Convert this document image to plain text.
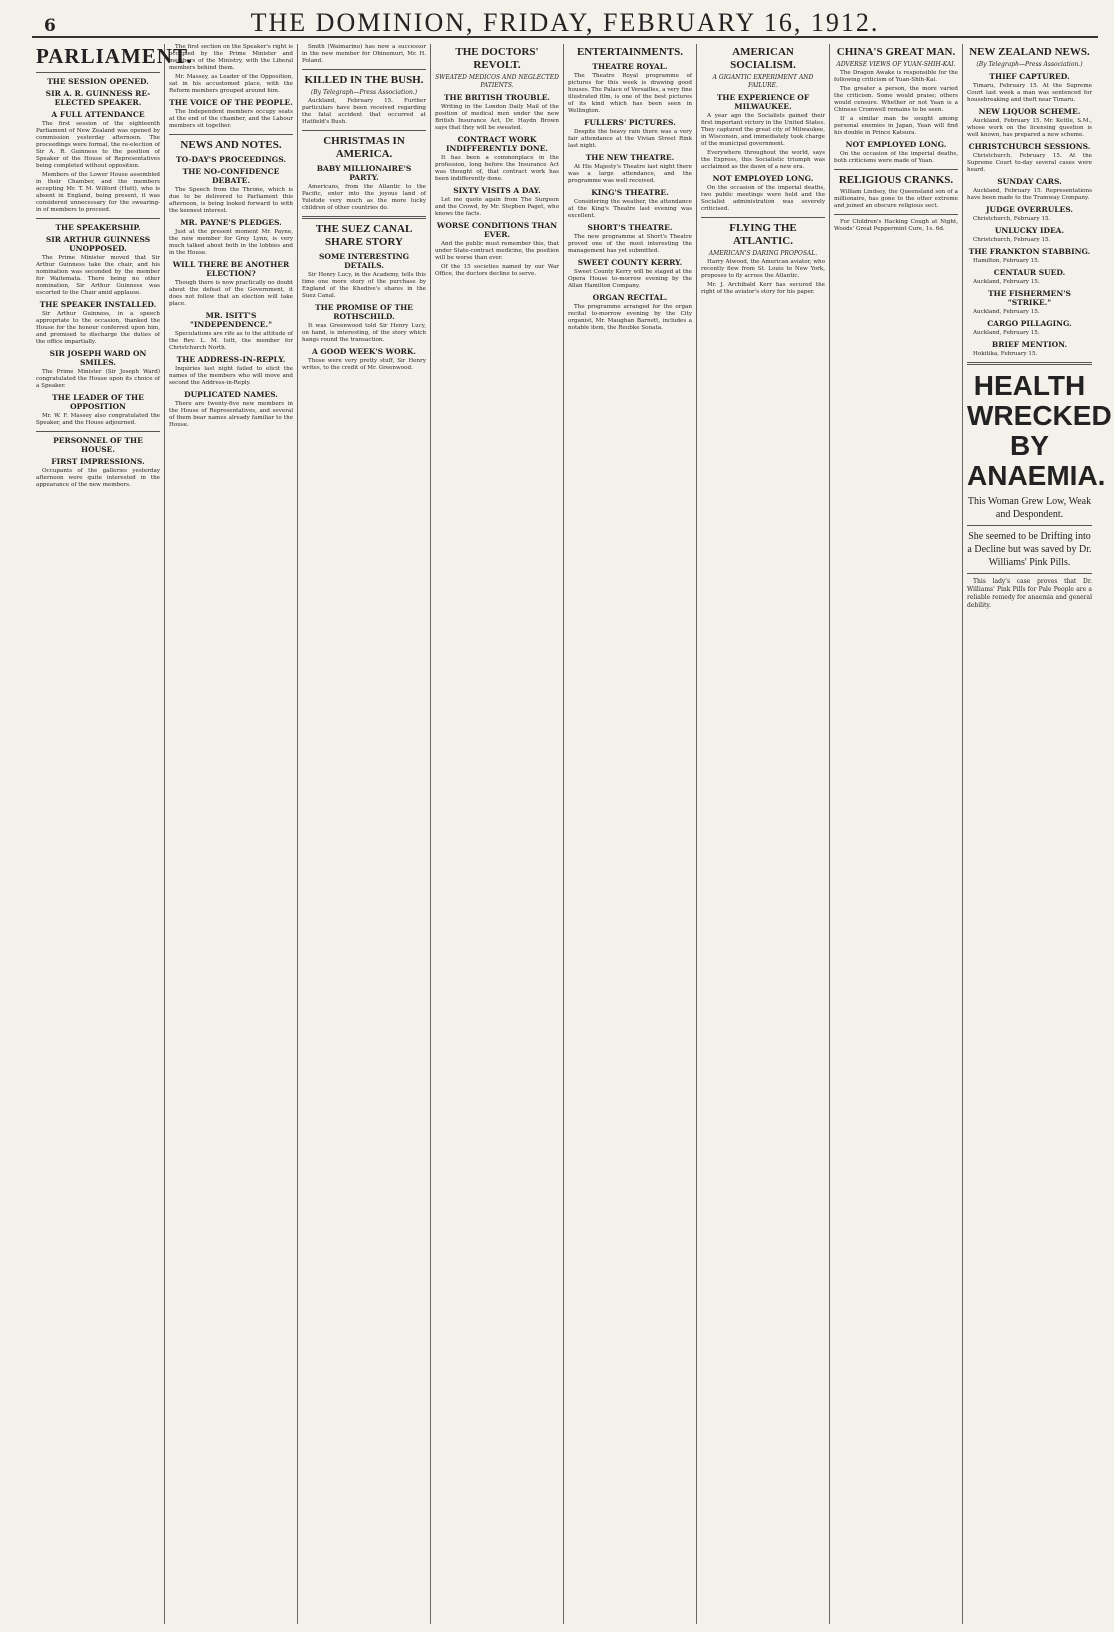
6	THE DOMINION, FRIDAY, FEBRUARY 16, 1912.
PARLIAMENT.
THE SESSION OPENED.
SIR A. R. GUINNESS RE-ELECTED SPEAKER.
A FULL ATTENDANCE

The first session of the eighteenth Parliament of New Zealand was opened by commission yesterday afternoon. The proceedings were formal, the re-election of Sir A. R. Guinness to the position of Speaker of the House of Representatives being completed without opposition.

Members of the Lower House assembled in their Chamber, and the members accepting Mr. T. M. Wilford (Hutt), who is absent in England, being present, it was considered unnecessary for the swearing-in of members to proceed.

THE SPEAKERSHIP.
SIR ARTHUR GUINNESS UNOPPOSED.

The Prime Minister moved that Sir Arthur Guinness take the chair, and his nomination was seconded by the member for Waitemata. There being no other nomination, Sir Arthur Guinness was escorted to the Chair amid applause.

THE SPEAKER INSTALLED.

Sir Arthur Guinness, in a speech appropriate to the occasion, thanked the House for the honour conferred upon him, and promised to discharge the duties of the office impartially.

SIR JOSEPH WARD ON SMILES.

The Prime Minister (Sir Joseph Ward) congratulated the House upon its choice of a Speaker.

THE LEADER OF THE OPPOSITION

Mr. W. F. Massey also congratulated the Speaker, and the House adjourned.

PERSONNEL OF THE HOUSE.
FIRST IMPRESSIONS.

Occupants of the galleries yesterday afternoon were quite interested in the appearance of the new members.

The first section on the Speaker's right is occupied by the Prime Minister and members of the Ministry, with the Liberal members behind them.

Mr. Massey, as Leader of the Opposition, sat in his accustomed place, with the Reform members grouped around him.

THE VOICE OF THE PEOPLE.

The Independent members occupy seats at the end of the chamber, and the Labour members sit together.

NEWS AND NOTES.
TO-DAY'S PROCEEDINGS.
THE NO-CONFIDENCE DEBATE.

The Speech from the Throne, which is due to be delivered to Parliament this afternoon, is being looked forward to with the keenest interest.

MR. PAYNE'S PLEDGES.

Just at the present moment Mr. Payne, the new member for Grey Lynn, is very much talked about both in the lobbies and in the House.

WILL THERE BE ANOTHER ELECTION?

Though there is now practically no doubt about the defeat of the Government, it does not follow that an election will take place.

MR. ISITT'S "INDEPENDENCE."

Speculations are rife as to the attitude of the Rev. L. M. Isitt, the member for Christchurch North.

THE ADDRESS-IN-REPLY.

Inquiries last night failed to elicit the names of the members who will move and second the Address-in-Reply.

DUPLICATED NAMES.

There are twenty-five new members in the House of Representatives, and several of them bear names already familiar to the House.

Smith (Waimarino) has now a successor in the new member for Ohinemuri, Mr. H. Poland.

KILLED IN THE BUSH.
(By Telegraph—Press Association.)

Auckland, February 15. Further particulars have been received regarding the fatal accident that occurred at Hatfield's Bush.

CHRISTMAS IN AMERICA.
BABY MILLIONAIRE'S PARTY.

Americans, from the Atlantic to the Pacific, enter into the joyous land of Yuletide very much as the more lucky children of other countries do.

THE SUEZ CANAL SHARE STORY
SOME INTERESTING DETAILS.

Sir Henry Lucy, in the Academy, tells this time one more story of the purchase by England of the Khedive's shares in the Suez Canal.

THE PROMISE OF THE ROTHSCHILD.

It was Greenwood told Sir Henry Lucy, on hand, is interesting, of the story which hangs round the transaction.

A GOOD WEEK'S WORK.

Those were very pretty stuff, Sir Henry writes, to the credit of Mr. Greenwood.

THE DOCTORS' REVOLT.
SWEATED MEDICOS AND NEGLECTED PATIENTS.
THE BRITISH TROUBLE.

Writing in the London Daily Mail of the position of medical men under the new British Insurance Act, Dr. Haydn Brown says that they will be sweated.

CONTRACT WORK INDIFFERENTLY DONE.

It has been a commonplace in the profession, long before the Insurance Act was thought of, that contract work has been indifferently done.

SIXTY VISITS A DAY.

Let me quote again from The Surgeon and the Crowd, by Mr. Stephen Paget, who knows the facts.

WORSE CONDITIONS THAN EVER.

And the public must remember this, that under State-contract medicine, the position will be worse than ever.

Of the 15 societies named by our War Office, the doctors decline to serve.

ENTERTAINMENTS.
THEATRE ROYAL.

The Theatre Royal programme of pictures for this week is drawing good houses. The Palace of Versailles, a very fine illustrated film, is one of the best pictures of its kind which has been seen in Wellington.

FULLERS' PICTURES.

Despite the heavy rain there was a very fair attendance at the Vivian Street Rink last night.

THE NEW THEATRE.

At His Majesty's Theatre last night there was a large attendance, and the programme was well received.

KING'S THEATRE.

Considering the weather, the attendance at the King's Theatre last evening was excellent.

SHORT'S THEATRE.

The new programme at Short's Theatre proved one of the most interesting the management has yet submitted.

SWEET COUNTY KERRY.

Sweet County Kerry will be staged at the Opera House to-morrow evening by the Allan Hamilton Company.

ORGAN RECITAL.

The programme arranged for the organ recital to-morrow evening by the City organist, Mr. Maughan Barnett, includes a notable item, the Reubke Sonata.

AMERICAN SOCIALISM.
A GIGANTIC EXPERIMENT AND FAILURE.
THE EXPERIENCE OF MILWAUKEE.

A year ago the Socialists gained their first important victory in the United States. They captured the great city of Milwaukee, in Wisconsin, and immediately took charge of the municipal government.

Everywhere throughout the world, says the Express, this Socialistic triumph was acclaimed as the dawn of a new era.

NOT EMPLOYED LONG.

On the occasion of the imperial deaths, two public meetings were held and the Socialist administration was severely criticised.

FLYING THE ATLANTIC.
AMERICAN'S DARING PROPOSAL.

Harry Atwood, the American aviator, who recently flew from St. Louis to New York, proposes to fly across the Atlantic.

Mr. J. Archibald Kerr has secured the right of the aviator's story for his paper.

CHINA'S GREAT MAN.
ADVERSE VIEWS OF YUAN-SHIH-KAI.

The Dragon Awake is responsible for the following criticism of Yuan-Shih-Kai.

The greater a person, the more varied the criticism. Some would praise; others would censure. Whether or not Yuan is a Chinese Cromwell remains to be seen.

If a similar man be sought among personal enemies in Japan, Yuan will find his double in Prince Katsura.

NOT EMPLOYED LONG.

On the occasion of the imperial deaths, both criticisms were made of Yuan.

RELIGIOUS CRANKS.

William Lindsey, the Queensland son of a millionaire, has gone to the other extreme and joined an obscure religious sect.

For Children's Hacking Cough at Night, Woods' Great Peppermint Cure, 1s. 6d.

NEW ZEALAND NEWS.
(By Telegraph—Press Association.)
THIEF CAPTURED.

Timaru, February 15. At the Supreme Court last week a man was sentenced for housebreaking and theft near Timaru.

NEW LIQUOR SCHEME.

Auckland, February 15. Mr. Kettle, S.M., whose work on the licensing question is well known, has prepared a new scheme.

CHRISTCHURCH SESSIONS.

Christchurch, February 15. At the Supreme Court to-day several cases were heard.

SUNDAY CARS.

Auckland, February 15. Representations have been made to the Tramway Company.

JUDGE OVERRULES.

Christchurch, February 15.

UNLUCKY IDEA.

Christchurch, February 15.

THE FRANKTON STABBING.

Hamilton, February 15.

CENTAUR SUED.

Auckland, February 15.

THE FISHERMEN'S "STRIKE."

Auckland, February 15.

CARGO PILLAGING.

Auckland, February 15.

BRIEF MENTION.

Hokitika, February 15.

HEALTH WRECKED BY ANAEMIA.
This Woman Grew Low, Weak and Despondent.
She seemed to be Drifting into a Decline but was saved by Dr. Williams' Pink Pills.

This lady's case proves that Dr. Williams' Pink Pills for Pale People are a reliable remedy for anaemia and general debility.
